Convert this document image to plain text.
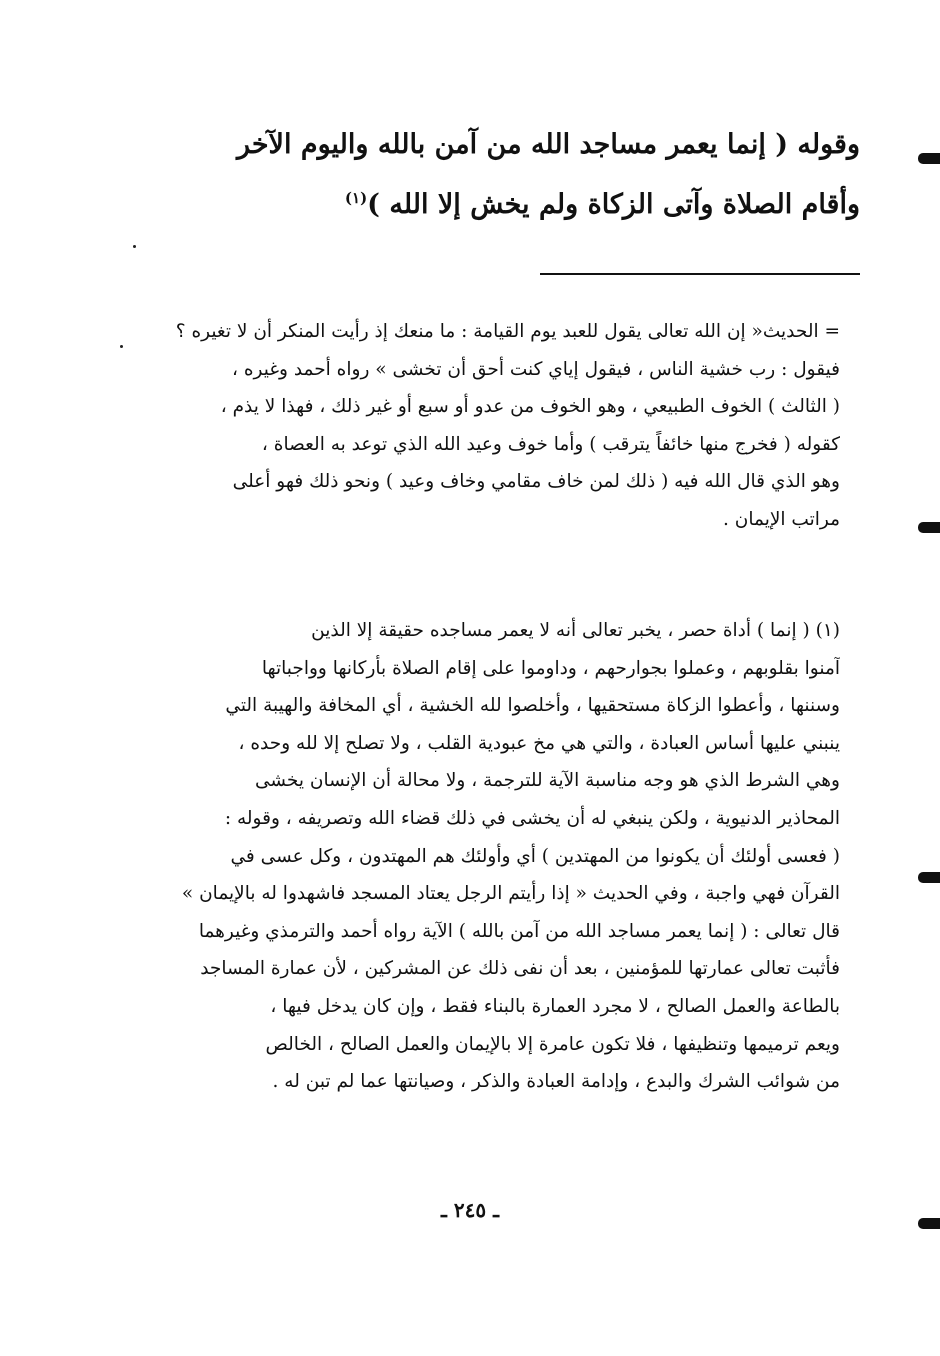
وقوله ( إنما يعمر مساجد الله من آمن بالله واليوم الآخر
وأقام الصلاة وآتى الزكاة ولم يخش إلا الله )$^{(١)}$
= الحديث« إن الله تعالى يقول للعبد يوم القيامة : ما منعك إذ رأيت المنكر أن لا تغيره ؟
فيقول : رب خشية الناس ، فيقول إياي كنت أحق أن تخشى » رواه أحمد وغيره ،
( الثالث ) الخوف الطبيعي ، وهو الخوف من عدو أو سبع أو غير ذلك ، فهذا لا يذم ،
كقوله ( فخرج منها خائفاً يترقب ) وأما خوف وعيد الله الذي توعد به العصاة ،
وهو الذي قال الله فيه ( ذلك لمن خاف مقامي وخاف وعيد ) ونحو ذلك فهو أعلى
مراتب الإيمان .
(١) ( إنما ) أداة حصر ، يخبر تعالى أنه لا يعمر مساجده حقيقة إلا الذين
آمنوا بقلوبهم ، وعملوا بجوارحهم ، وداوموا على إقام الصلاة بأركانها وواجباتها
وسننها ، وأعطوا الزكاة مستحقيها ، وأخلصوا لله الخشية ، أي المخافة والهيبة التي
ينبني عليها أساس العبادة ، والتي هي مخ عبودية القلب ، ولا تصلح إلا لله وحده ،
وهي الشرط الذي هو وجه مناسبة الآية للترجمة ، ولا محالة أن الإنسان يخشى
المحاذير الدنيوية ، ولكن ينبغي له أن يخشى في ذلك قضاء الله وتصريفه ، وقوله :
( فعسى أولئك أن يكونوا من المهتدين ) أي وأولئك هم المهتدون ، وكل عسى في
القرآن فهي واجبة ، وفي الحديث « إذا رأيتم الرجل يعتاد المسجد فاشهدوا له بالإيمان »
قال تعالى : ( إنما يعمر مساجد الله من آمن بالله ) الآية رواه أحمد والترمذي وغيرهما
فأثبت تعالى عمارتها للمؤمنين ، بعد أن نفى ذلك عن المشركين ، لأن عمارة المساجد
بالطاعة والعمل الصالح ، لا مجرد العمارة بالبناء فقط ، وإن كان يدخل فيها ،
ويعم ترميمها وتنظيفها ، فلا تكون عامرة إلا بالإيمان والعمل الصالح ، الخالص
من شوائب الشرك والبدع ، وإدامة العبادة والذكر ، وصيانتها عما لم تبن له .
ـ ٢٤٥ ـ
